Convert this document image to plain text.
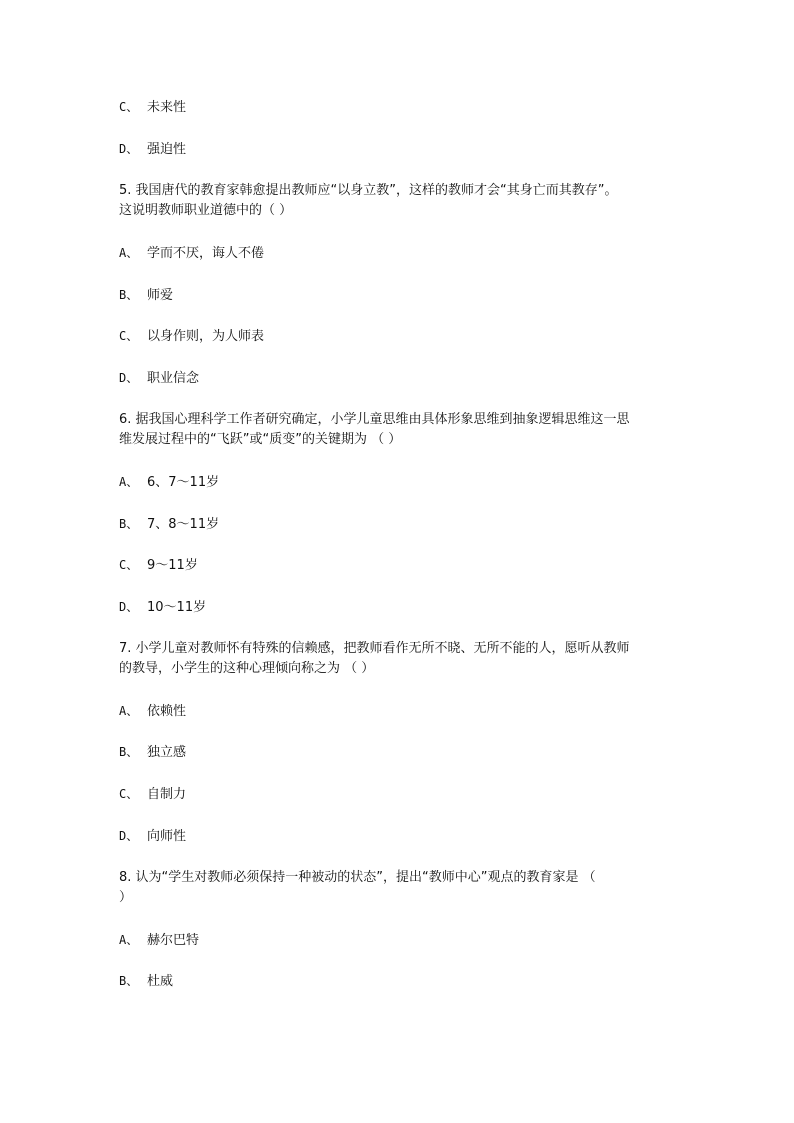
C、 未来性
D、 强迫性
5. 我国唐代的教育家韩愈提出教师应“以身立教”，这样的教师才会“其身亡而其教存”。
这说明教师职业道德中的（ ）
A、 学而不厌，诲人不倦
B、 师爱
C、 以身作则，为人师表
D、 职业信念
6. 据我国心理科学工作者研究确定，小学儿童思维由具体形象思维到抽象逻辑思维这一思
维发展过程中的“飞跃”或“质变”的关键期为 （ ）
A、 6、7～11岁
B、 7、8～11岁
C、 9～11岁
D、 10～11岁
7. 小学儿童对教师怀有特殊的信赖感，把教师看作无所不晓、无所不能的人，愿听从教师
的教导，小学生的这种心理倾向称之为 （ ）
A、 依赖性
B、 独立感
C、 自制力
D、 向师性
8. 认为“学生对教师必须保持一种被动的状态”，提出“教师中心”观点的教育家是 （
）
A、 赫尔巴特
B、 杜威
